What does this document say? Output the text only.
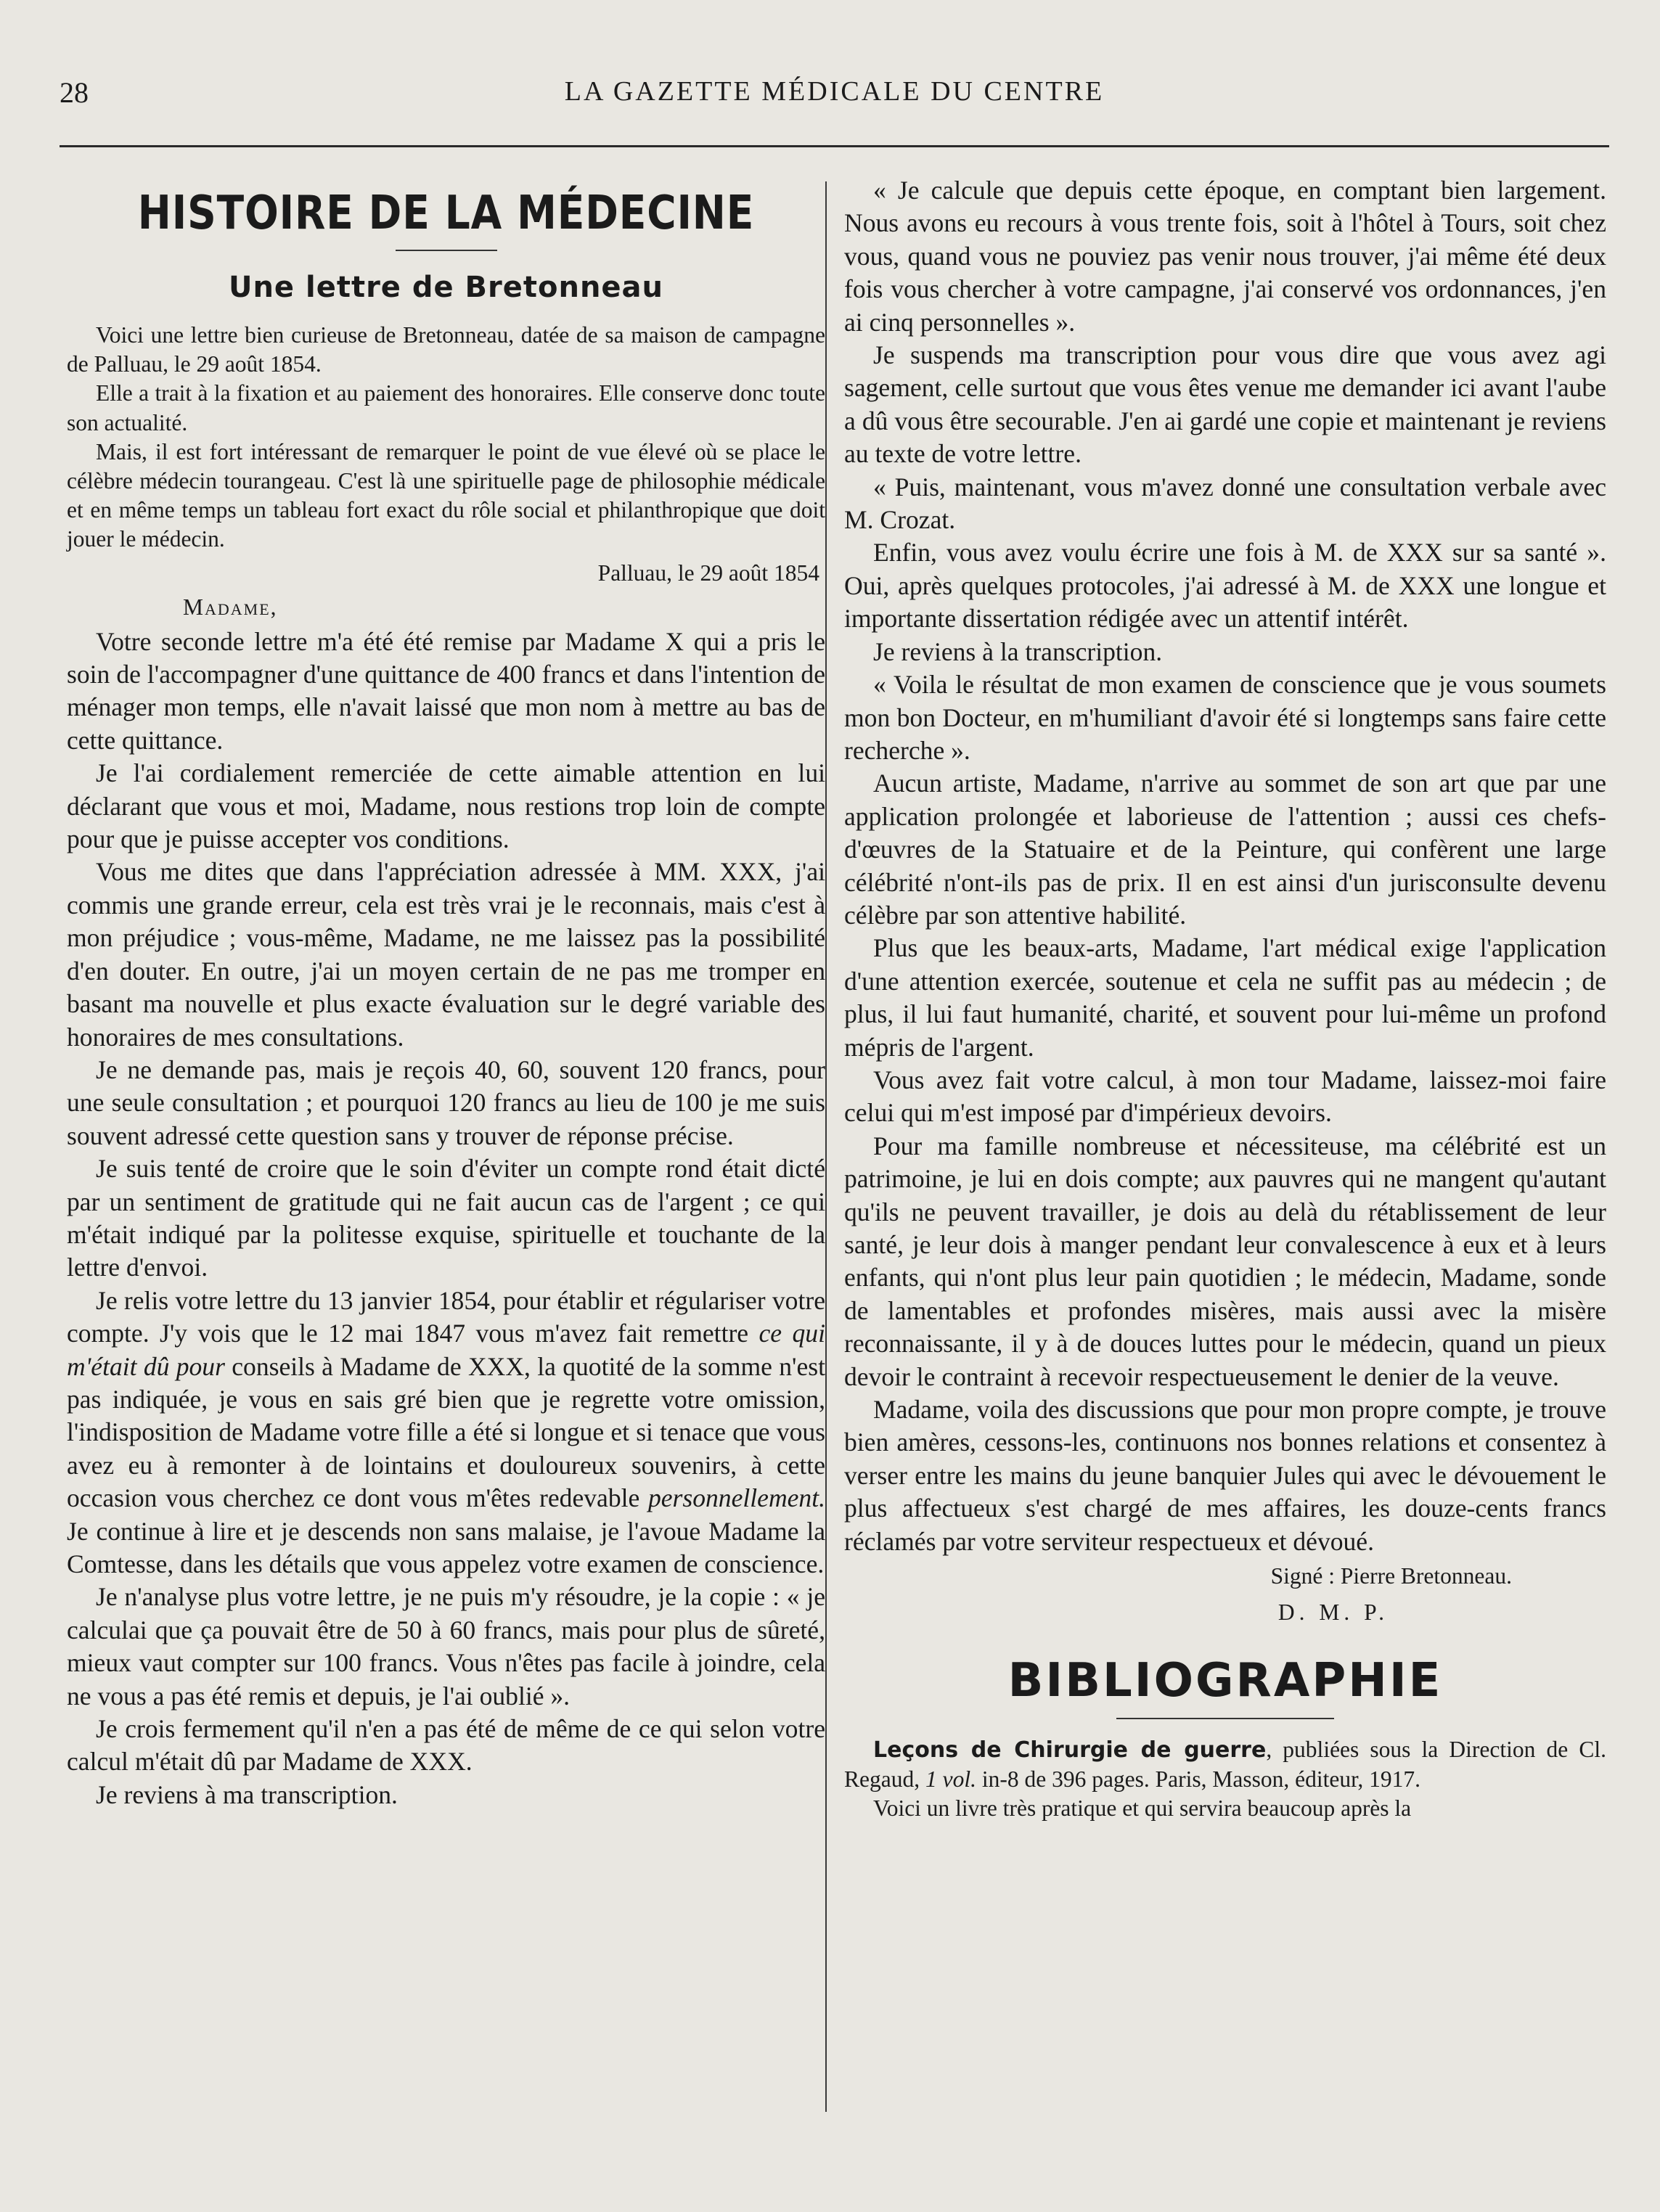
28	LA GAZETTE MÉDICALE DU CENTRE
HISTOIRE DE LA MÉDECINE
Une lettre de Bretonneau

Voici une lettre bien curieuse de Bretonneau, datée de sa maison de campagne de Palluau, le 29 août 1854.

Elle a trait à la fixation et au paiement des honoraires. Elle conserve donc toute son actualité.

Mais, il est fort intéressant de remarquer le point de vue élevé où se place le célèbre médecin tourangeau. C'est là une spirituelle page de philosophie médicale et en même temps un tableau fort exact du rôle social et philanthropique que doit jouer le médecin.

Palluau, le 29 août 1854

Madame,

Votre seconde lettre m'a été été remise par Madame X qui a pris le soin de l'accompagner d'une quittance de 400 francs et dans l'intention de ménager mon temps, elle n'avait laissé que mon nom à mettre au bas de cette quittance.

Je l'ai cordialement remerciée de cette aimable attention en lui déclarant que vous et moi, Madame, nous restions trop loin de compte pour que je puisse accepter vos conditions.

Vous me dites que dans l'appréciation adressée à MM. XXX, j'ai commis une grande erreur, cela est très vrai je le reconnais, mais c'est à mon préjudice ; vous-même, Madame, ne me laissez pas la possibilité d'en douter. En outre, j'ai un moyen certain de ne pas me tromper en basant ma nouvelle et plus exacte évaluation sur le degré variable des honoraires de mes consultations.

Je ne demande pas, mais je reçois 40, 60, souvent 120 francs, pour une seule consultation ; et pourquoi 120 francs au lieu de 100 je me suis souvent adressé cette question sans y trouver de réponse précise.

Je suis tenté de croire que le soin d'éviter un compte rond était dicté par un sentiment de gratitude qui ne fait aucun cas de l'argent ; ce qui m'était indiqué par la politesse exquise, spirituelle et touchante de la lettre d'envoi.

Je relis votre lettre du 13 janvier 1854, pour établir et régulariser votre compte. J'y vois que le 12 mai 1847 vous m'avez fait remettre ce qui m'était dû pour conseils à Madame de XXX, la quotité de la somme n'est pas indiquée, je vous en sais gré bien que je regrette votre omission, l'indisposition de Madame votre fille a été si longue et si tenace que vous avez eu à remonter à de lointains et douloureux souvenirs, à cette occasion vous cherchez ce dont vous m'êtes redevable personnellement. Je continue à lire et je descends non sans malaise, je l'avoue Madame la Comtesse, dans les détails que vous appelez votre examen de conscience.

Je n'analyse plus votre lettre, je ne puis m'y résoudre, je la copie : « je calculai que ça pouvait être de 50 à 60 francs, mais pour plus de sûreté, mieux vaut compter sur 100 francs. Vous n'êtes pas facile à joindre, cela ne vous a pas été remis et depuis, je l'ai oublié ».

Je crois fermement qu'il n'en a pas été de même de ce qui selon votre calcul m'était dû par Madame de XXX.

Je reviens à ma transcription.

« Je calcule que depuis cette époque, en comptant bien largement. Nous avons eu recours à vous trente fois, soit à l'hôtel à Tours, soit chez vous, quand vous ne pouviez pas venir nous trouver, j'ai même été deux fois vous chercher à votre campagne, j'ai conservé vos ordonnances, j'en ai cinq personnelles ».

Je suspends ma transcription pour vous dire que vous avez agi sagement, celle surtout que vous êtes venue me demander ici avant l'aube a dû vous être secourable. J'en ai gardé une copie et maintenant je reviens au texte de votre lettre.

« Puis, maintenant, vous m'avez donné une consultation verbale avec M. Crozat.

Enfin, vous avez voulu écrire une fois à M. de XXX sur sa santé ». Oui, après quelques protocoles, j'ai adressé à M. de XXX une longue et importante dissertation rédigée avec un attentif intérêt.

Je reviens à la transcription.

« Voila le résultat de mon examen de conscience que je vous soumets mon bon Docteur, en m'humiliant d'avoir été si longtemps sans faire cette recherche ».

Aucun artiste, Madame, n'arrive au sommet de son art que par une application prolongée et laborieuse de l'attention ; aussi ces chefs-d'œuvres de la Statuaire et de la Peinture, qui confèrent une large célébrité n'ont-ils pas de prix. Il en est ainsi d'un jurisconsulte devenu célèbre par son attentive habilité.

Plus que les beaux-arts, Madame, l'art médical exige l'application d'une attention exercée, soutenue et cela ne suffit pas au médecin ; de plus, il lui faut humanité, charité, et souvent pour lui-même un profond mépris de l'argent.

Vous avez fait votre calcul, à mon tour Madame, laissez-moi faire celui qui m'est imposé par d'impérieux devoirs.

Pour ma famille nombreuse et nécessiteuse, ma célébrité est un patrimoine, je lui en dois compte; aux pauvres qui ne mangent qu'autant qu'ils ne peuvent travailler, je dois au delà du rétablissement de leur santé, je leur dois à manger pendant leur convalescence à eux et à leurs enfants, qui n'ont plus leur pain quotidien ; le médecin, Madame, sonde de lamentables et profondes misères, mais aussi avec la misère reconnaissante, il y à de douces luttes pour le médecin, quand un pieux devoir le contraint à recevoir respectueusement le denier de la veuve.

Madame, voila des discussions que pour mon propre compte, je trouve bien amères, cessons-les, continuons nos bonnes relations et consentez à verser entre les mains du jeune banquier Jules qui avec le dévouement le plus affectueux s'est chargé de mes affaires, les douze-cents francs réclamés par votre serviteur respectueux et dévoué.

Signé : Pierre Bretonneau.

D. M. P.

BIBLIOGRAPHIE

Leçons de Chirurgie de guerre, publiées sous la Direction de Cl. Regaud, 1 vol. in-8 de 396 pages. Paris, Masson, éditeur, 1917.

Voici un livre très pratique et qui servira beaucoup après la
